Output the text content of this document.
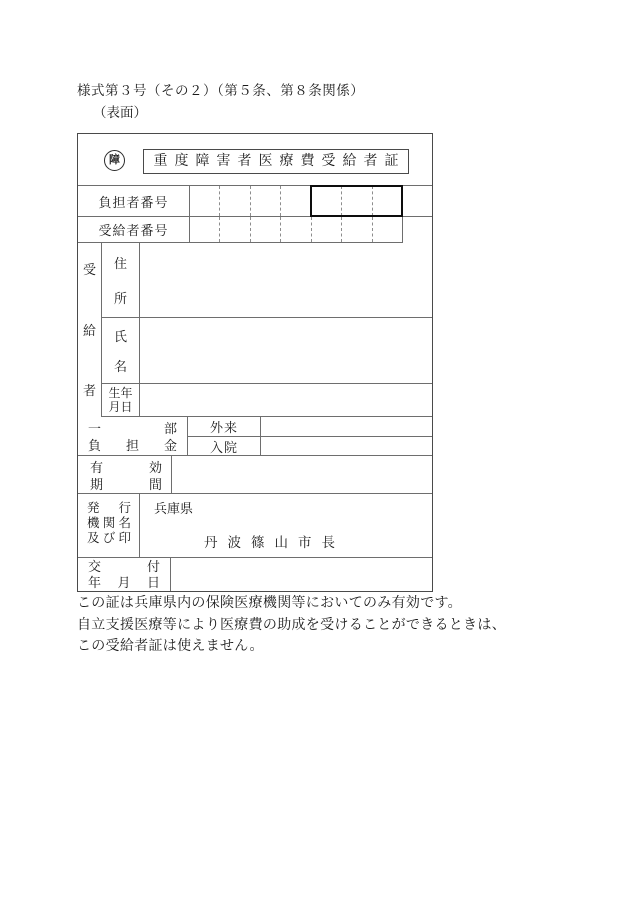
様式第３号（その２）（第５条、第８条関係）
（表面）
障	重度障害者医療費受給者証
負担者番号
受給者番号
受
給
者
住
所
氏
名
生年
月日
一部
負担金
外来
入院
有効
期間
発行
機関名
及び印
兵庫県
丹波篠山市長
交付
年月日
この証は兵庫県内の保険医療機関等においてのみ有効です。
自立支援医療等により医療費の助成を受けることができるときは、
この受給者証は使えません。
